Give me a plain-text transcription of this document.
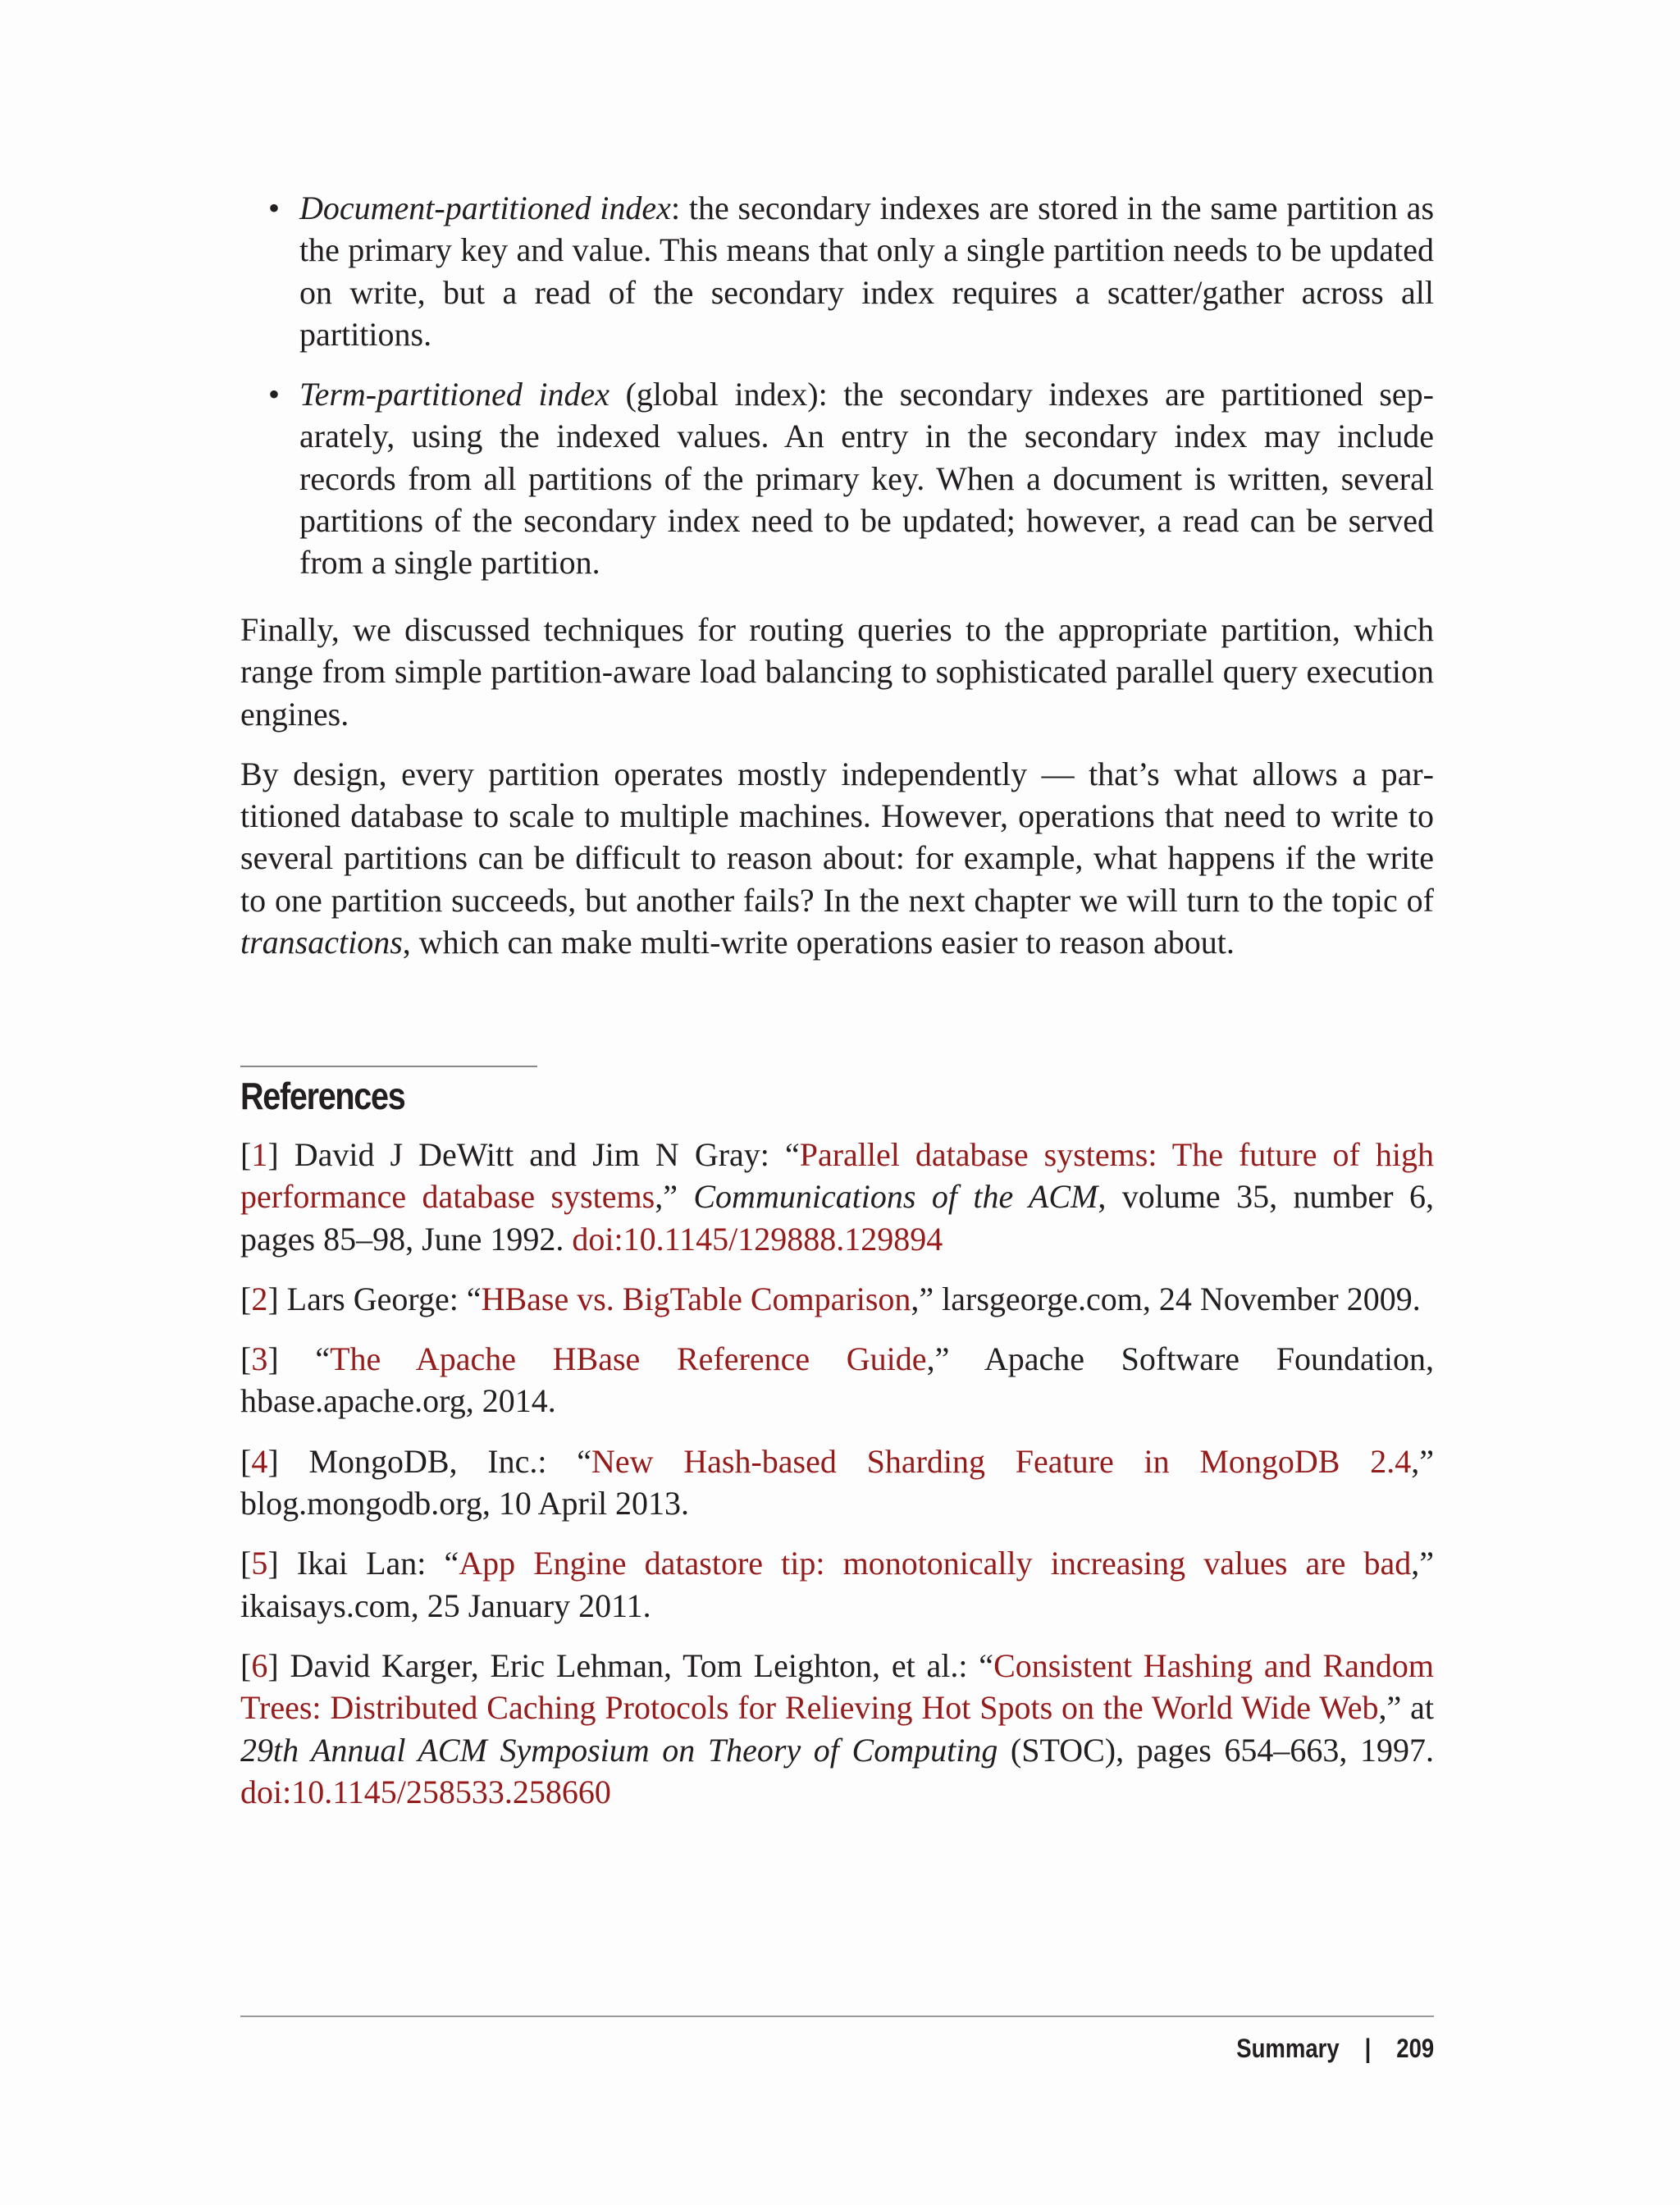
• Document-partitioned index: the secondary indexes are stored in the same partition as the primary key and value. This means that only a single partition needs to be updated on write, but a read of the secondary index requires a scatter/gather across all partitions.
• Term-partitioned index (global index): the secondary indexes are partitioned separately, using the indexed values. An entry in the secondary index may include records from all partitions of the primary key. When a document is written, several partitions of the secondary index need to be updated; however, a read can be served from a single partition.

Finally, we discussed techniques for routing queries to the appropriate partition, which range from simple partition-aware load balancing to sophisticated parallel query execution engines.

By design, every partition operates mostly independently — that’s what allows a partitioned database to scale to multiple machines. However, operations that need to write to several partitions can be difficult to reason about: for example, what happens if the write to one partition succeeds, but another fails? In the next chapter we will turn to the topic of transactions, which can make multi-write operations easier to reason about.

References

[1] David J DeWitt and Jim N Gray: “Parallel database systems: The future of high performance database systems,” Communications of the ACM, volume 35, number 6, pages 85–98, June 1992. doi:10.1145/129888.129894

[2] Lars George: “HBase vs. BigTable Comparison,” larsgeorge.com, 24 November 2009.

[3] “The Apache HBase Reference Guide,” Apache Software Foundation, hbase.apache.org, 2014.

[4] MongoDB, Inc.: “New Hash-based Sharding Feature in MongoDB 2.4,” blog.mongodb.org, 10 April 2013.

[5] Ikai Lan: “App Engine datastore tip: monotonically increasing values are bad,” ikaisays.com, 25 January 2011.

[6] David Karger, Eric Lehman, Tom Leighton, et al.: “Consistent Hashing and Random Trees: Distributed Caching Protocols for Relieving Hot Spots on the World Wide Web,” at 29th Annual ACM Symposium on Theory of Computing (STOC), pages 654–663, 1997. doi:10.1145/258533.258660

Summary | 209
